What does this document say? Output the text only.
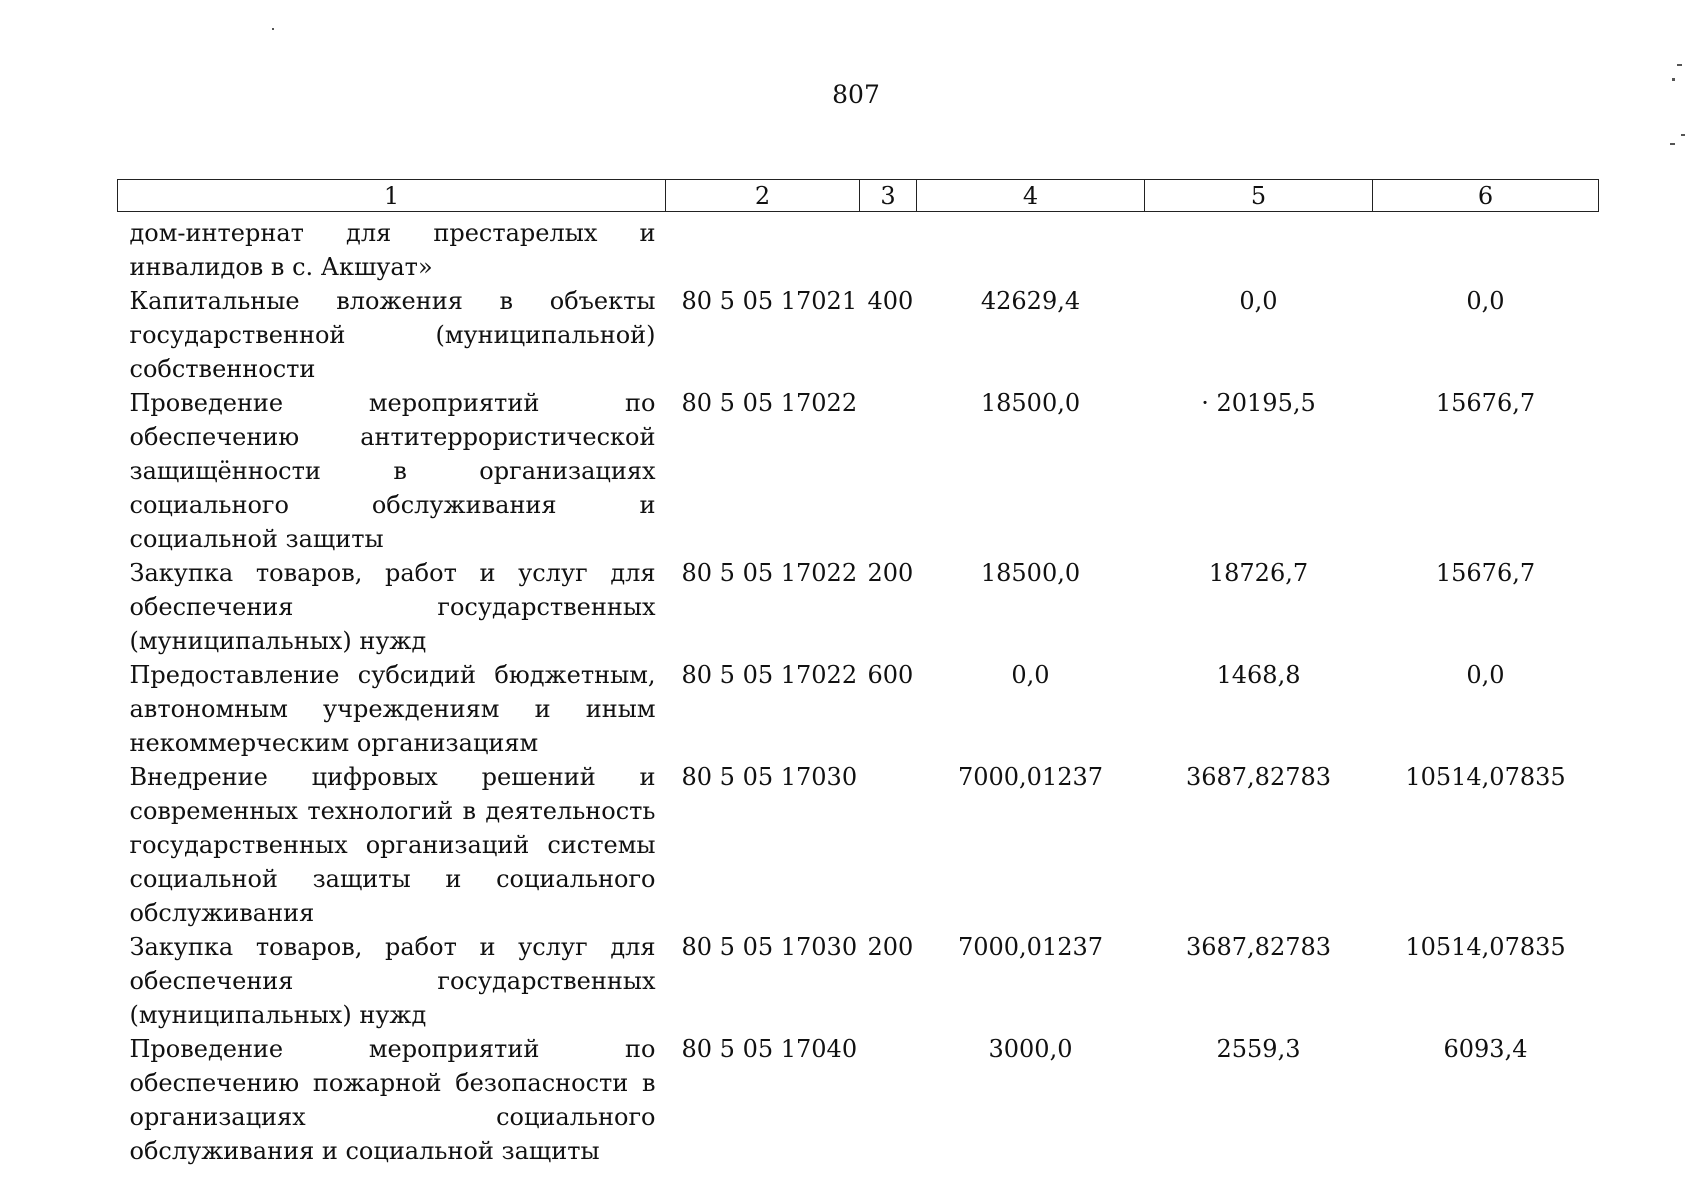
807
1	2	3	4	5	6
дом-интернат для престарелых и инвалидов в с. Акшуат»					
Капитальные вложения в объекты государственной (муниципальной) собственности	80 5 05 17021	400	42629,4	0,0	0,0
Проведение мероприятий по обеспечению антитеррористической защищённости в организациях социального обслуживания и социальной защиты	80 5 05 17022		18500,0	· 20195,5	15676,7
Закупка товаров, работ и услуг для обеспечения государственных (муниципальных) нужд	80 5 05 17022	200	18500,0	18726,7	15676,7
Предоставление субсидий бюджетным, автономным учреждениям и иным некоммерческим организациям	80 5 05 17022	600	0,0	1468,8	0,0
Внедрение цифровых решений и современных технологий в деятельность государственных организаций системы социальной защиты и социального обслуживания	80 5 05 17030		7000,01237	3687,82783	10514,07835
Закупка товаров, работ и услуг для обеспечения государственных (муниципальных) нужд	80 5 05 17030	200	7000,01237	3687,82783	10514,07835
Проведение мероприятий по обеспечению пожарной безопасности в организациях социального обслуживания и социальной защиты	80 5 05 17040		3000,0	2559,3	6093,4
